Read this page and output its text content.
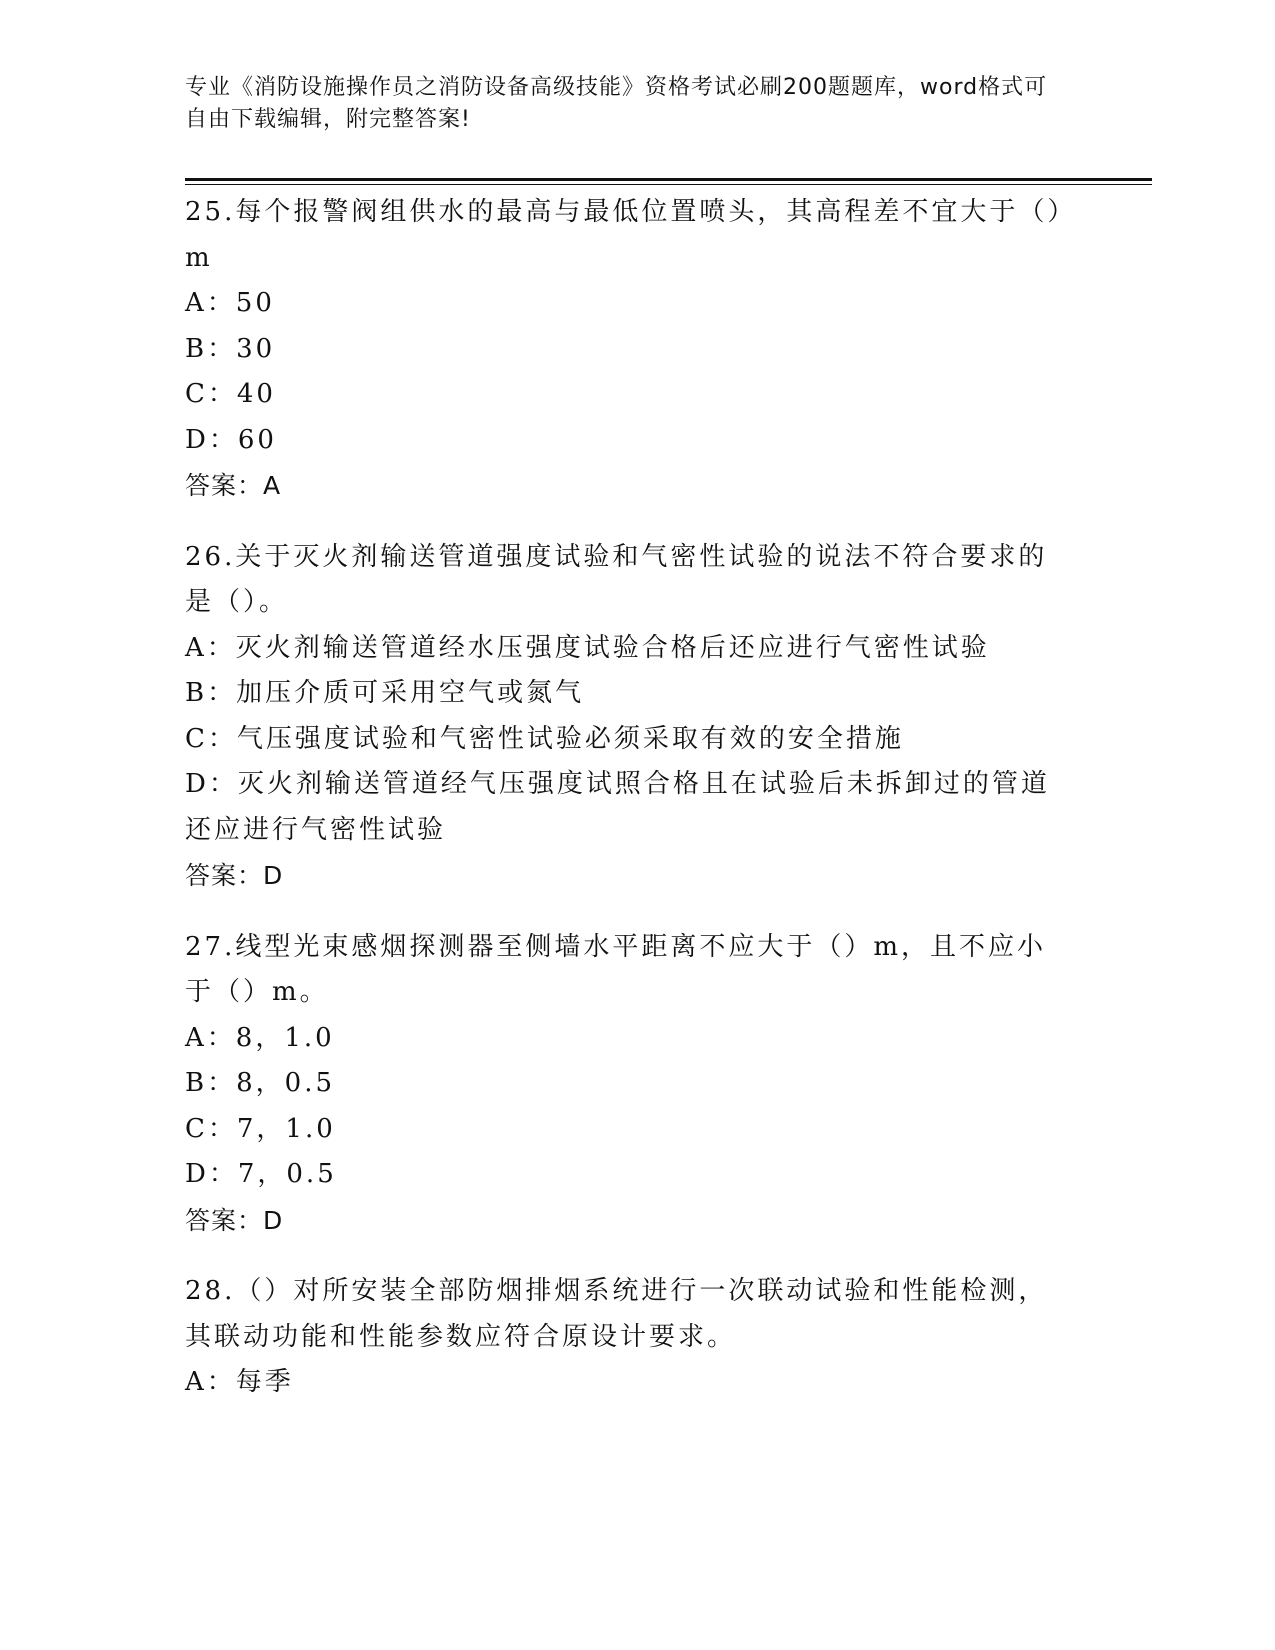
专业《消防设施操作员之消防设备高级技能》资格考试必刷200题题库，word格式可自由下载编辑，附完整答案!
25.每个报警阀组供水的最高与最低位置喷头，其高程差不宜大于（）m
A：50
B：30
C：40
D：60
答案：A
26.关于灭火剂输送管道强度试验和气密性试验的说法不符合要求的是（）。
A：灭火剂输送管道经水压强度试验合格后还应进行气密性试验
B：加压介质可采用空气或氮气
C：气压强度试验和气密性试验必须采取有效的安全措施
D：灭火剂输送管道经气压强度试照合格且在试验后未拆卸过的管道还应进行气密性试验
答案：D
27.线型光束感烟探测器至侧墙水平距离不应大于（）m，且不应小于（）m。
A：8，1.0
B：8，0.5
C：7，1.0
D：7，0.5
答案：D
28.（）对所安装全部防烟排烟系统进行一次联动试验和性能检测，其联动功能和性能参数应符合原设计要求。
A：每季
